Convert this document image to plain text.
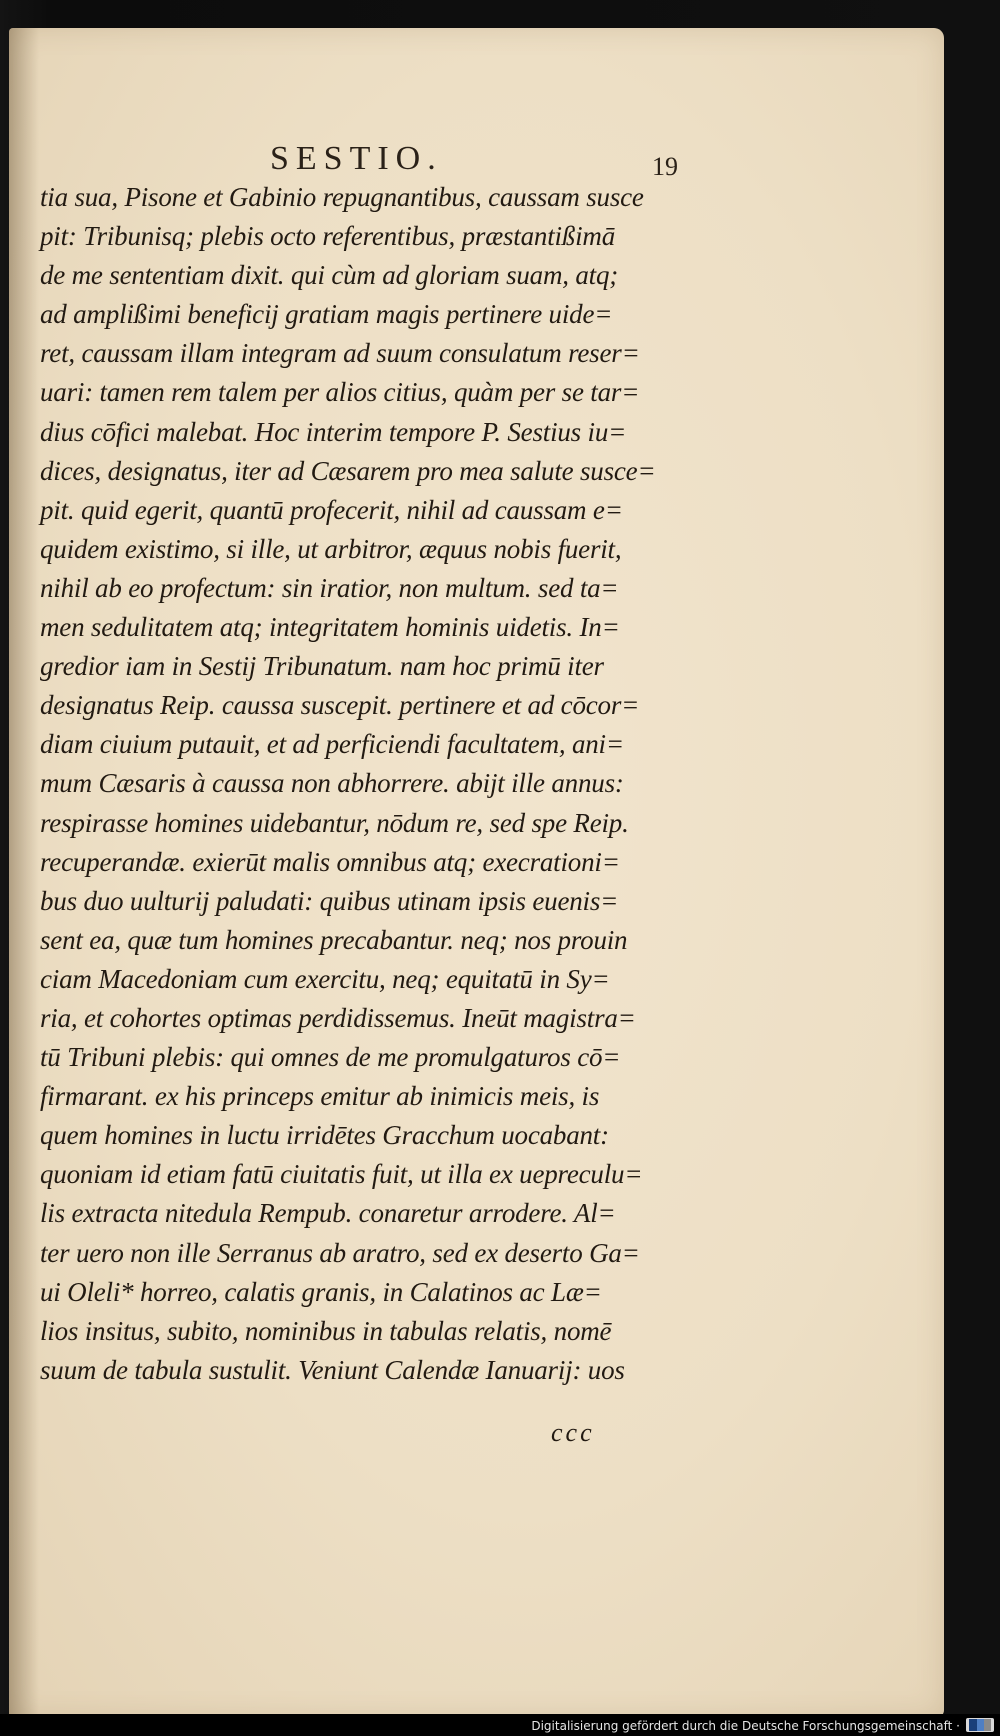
SESTIO.	19
tia sua, Pisone et Gabinio repugnantibus, caussam susce
pit: Tribunisq; plebis octo referentibus, præstantißimā
de me sententiam dixit. qui cùm ad gloriam suam, atq;
ad amplißimi beneficij gratiam magis pertinere uide=
ret, caussam illam integram ad suum consulatum reser=
uari: tamen rem talem per alios citius, quàm per se tar=
dius cōfici malebat. Hoc interim tempore P. Sestius iu=
dices, designatus, iter ad Cæsarem pro mea salute susce=
pit. quid egerit, quantū profecerit, nihil ad caussam e=
quidem existimo, si ille, ut arbitror, æquus nobis fuerit,
nihil ab eo profectum: sin iratior, non multum. sed ta=
men sedulitatem atq; integritatem hominis uidetis. In=
gredior iam in Sestij Tribunatum. nam hoc primū iter
designatus Reip. caussa suscepit. pertinere et ad cōcor=
diam ciuium putauit, et ad perficiendi facultatem, ani=
mum Cæsaris à caussa non abhorrere. abijt ille annus:
respirasse homines uidebantur, nōdum re, sed spe Reip.
recuperandæ. exierūt malis omnibus atq; execrationi=
bus duo uulturij paludati: quibus utinam ipsis euenis=
sent ea, quæ tum homines precabantur. neq; nos prouin
ciam Macedoniam cum exercitu, neq; equitatū in Sy=
ria, et cohortes optimas perdidissemus. Ineūt magistra=
tū Tribuni plebis: qui omnes de me promulgaturos cō=
firmarant. ex his princeps emitur ab inimicis meis, is
quem homines in luctu irridētes Gracchum uocabant:
quoniam id etiam fatū ciuitatis fuit, ut illa ex uepreculu=
lis extracta nitedula Rempub. conaretur arrodere. Al=
ter uero non ille Serranus ab aratro, sed ex deserto Ga=
ui Oleli* horreo, calatis granis, in Calatinos ac Læ=
lios insitus, subito, nominibus in tabulas relatis, nomē
suum de tabula sustulit. Veniunt Calendæ Ianuarij: uos
ccc
Digitalisierung gefördert durch die Deutsche Forschungsgemeinschaft ·
